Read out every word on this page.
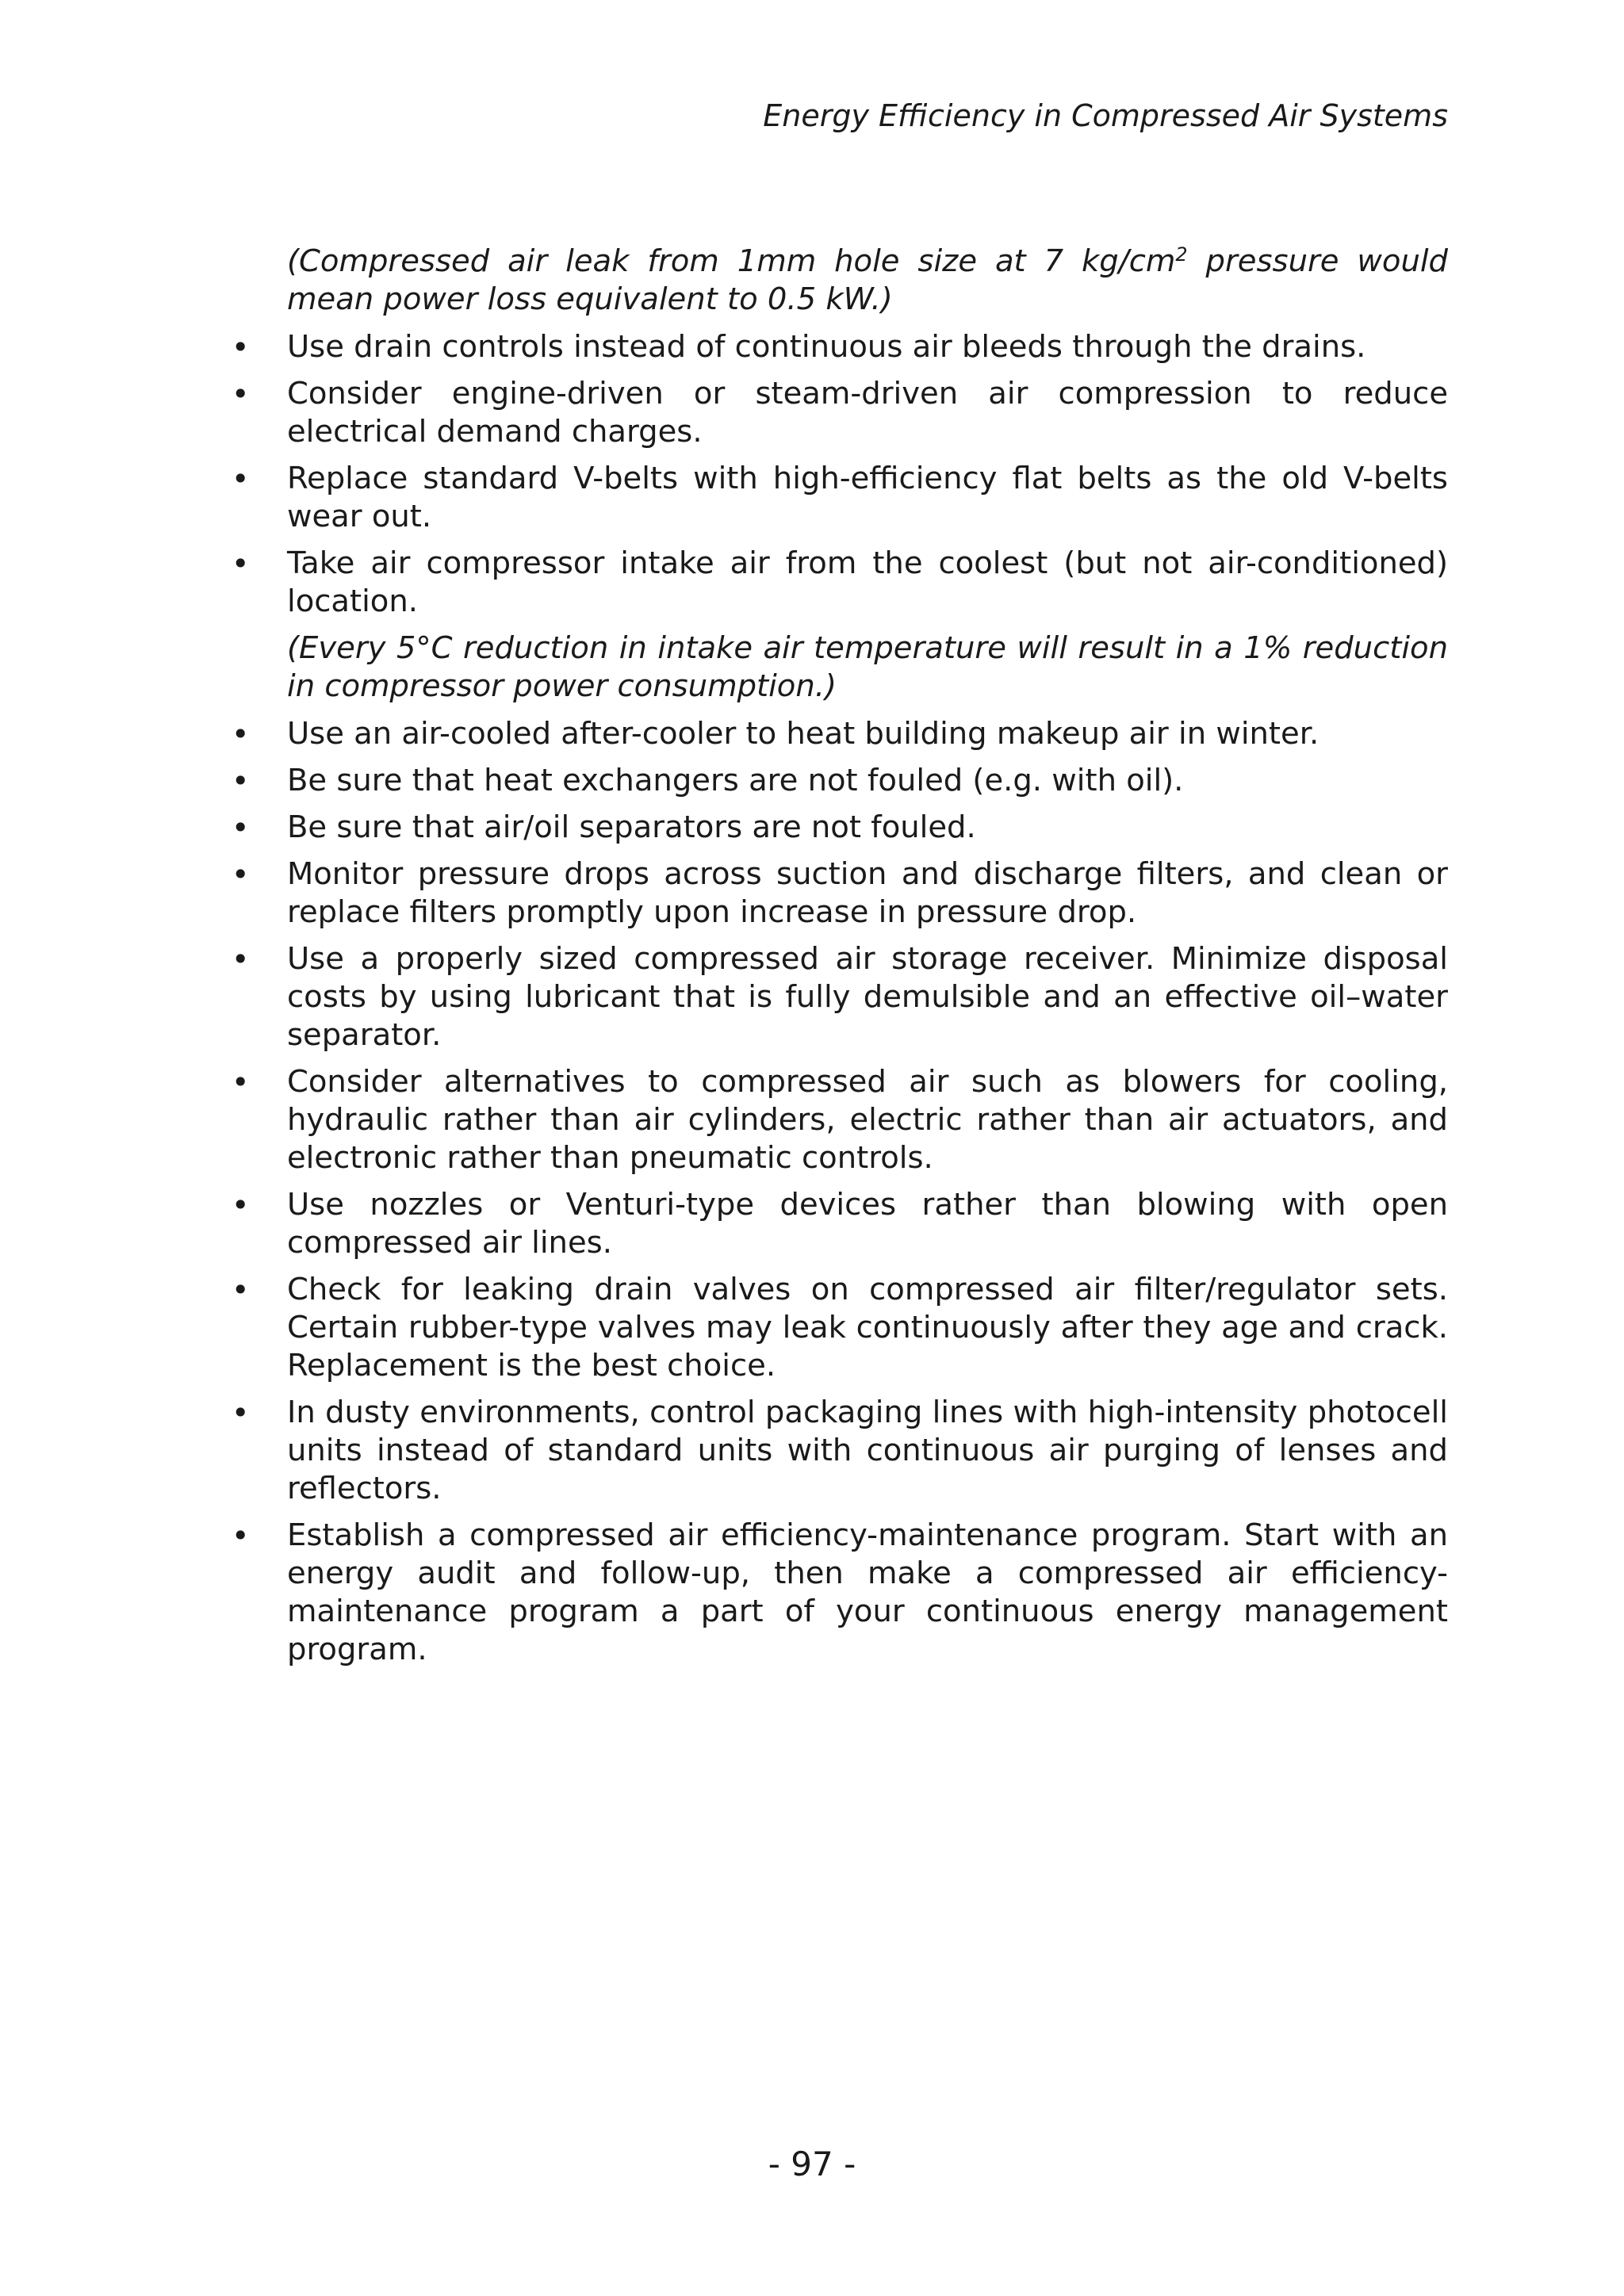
Energy Efficiency in Compressed Air Systems

(Compressed air leak from 1mm hole size at 7 $kg/cm^2$ pressure would mean power loss equivalent to 0.5 kW.)

• Use drain controls instead of continuous air bleeds through the drains.
• Consider engine-driven or steam-driven air compression to reduce electrical demand charges.
• Replace standard V-belts with high-efficiency flat belts as the old V-belts wear out.
• Take air compressor intake air from the coolest (but not air-conditioned) location.

(Every 5°C reduction in intake air temperature will result in a 1% reduction in compressor power consumption.)

• Use an air-cooled after-cooler to heat building makeup air in winter.
• Be sure that heat exchangers are not fouled (e.g. with oil).
• Be sure that air/oil separators are not fouled.
• Monitor pressure drops across suction and discharge filters, and clean or replace filters promptly upon increase in pressure drop.
• Use a properly sized compressed air storage receiver. Minimize disposal costs by using lubricant that is fully demulsible and an effective oil–water separator.
• Consider alternatives to compressed air such as blowers for cooling, hydraulic rather than air cylinders, electric rather than air actuators, and electronic rather than pneumatic controls.
• Use nozzles or Venturi-type devices rather than blowing with open compressed air lines.
• Check for leaking drain valves on compressed air filter/regulator sets. Certain rubber-type valves may leak continuously after they age and crack. Replacement is the best choice.
• In dusty environments, control packaging lines with high-intensity photocell units instead of standard units with continuous air purging of lenses and reflectors.
• Establish a compressed air efficiency-maintenance program. Start with an energy audit and follow-up, then make a compressed air efficiency-maintenance program a part of your continuous energy management program.
- 97 -
